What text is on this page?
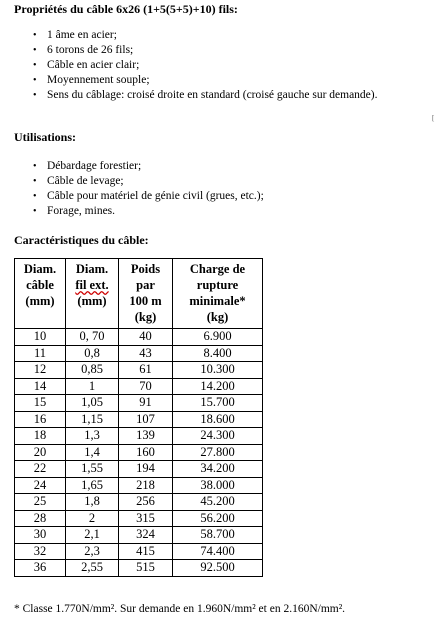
Propriétés du câble 6x26 (1+5(5+5)+10) fils:
• 1 âme en acier;
• 6 torons de 26 fils;
• Câble en acier clair;
• Moyennement souple;
• Sens du câblage: croisé droite en standard (croisé gauche sur demande).
[
Utilisations:
• Débardage forestier;
• Câble de levage;
• Câble pour matériel de génie civil (grues, etc.);
• Forage, mines.
Caractéristiques du câble:
Diam.
câble
(mm)	Diam.
fil ext.
(mm)	Poids
par
100 m
(kg)	Charge de
rupture
minimale*
(kg)

10	0, 70	40	6.900
11	0,8	43	8.400
12	0,85	61	10.300
14	1	70	14.200
15	1,05	91	15.700
16	1,15	107	18.600
18	1,3	139	24.300
20	1,4	160	27.800
22	1,55	194	34.200
24	1,65	218	38.000
25	1,8	256	45.200
28	2	315	56.200
30	2,1	324	58.700
32	2,3	415	74.400
36	2,55	515	92.500
* Classe 1.770N/mm². Sur demande en 1.960N/mm² et en 2.160N/mm².
